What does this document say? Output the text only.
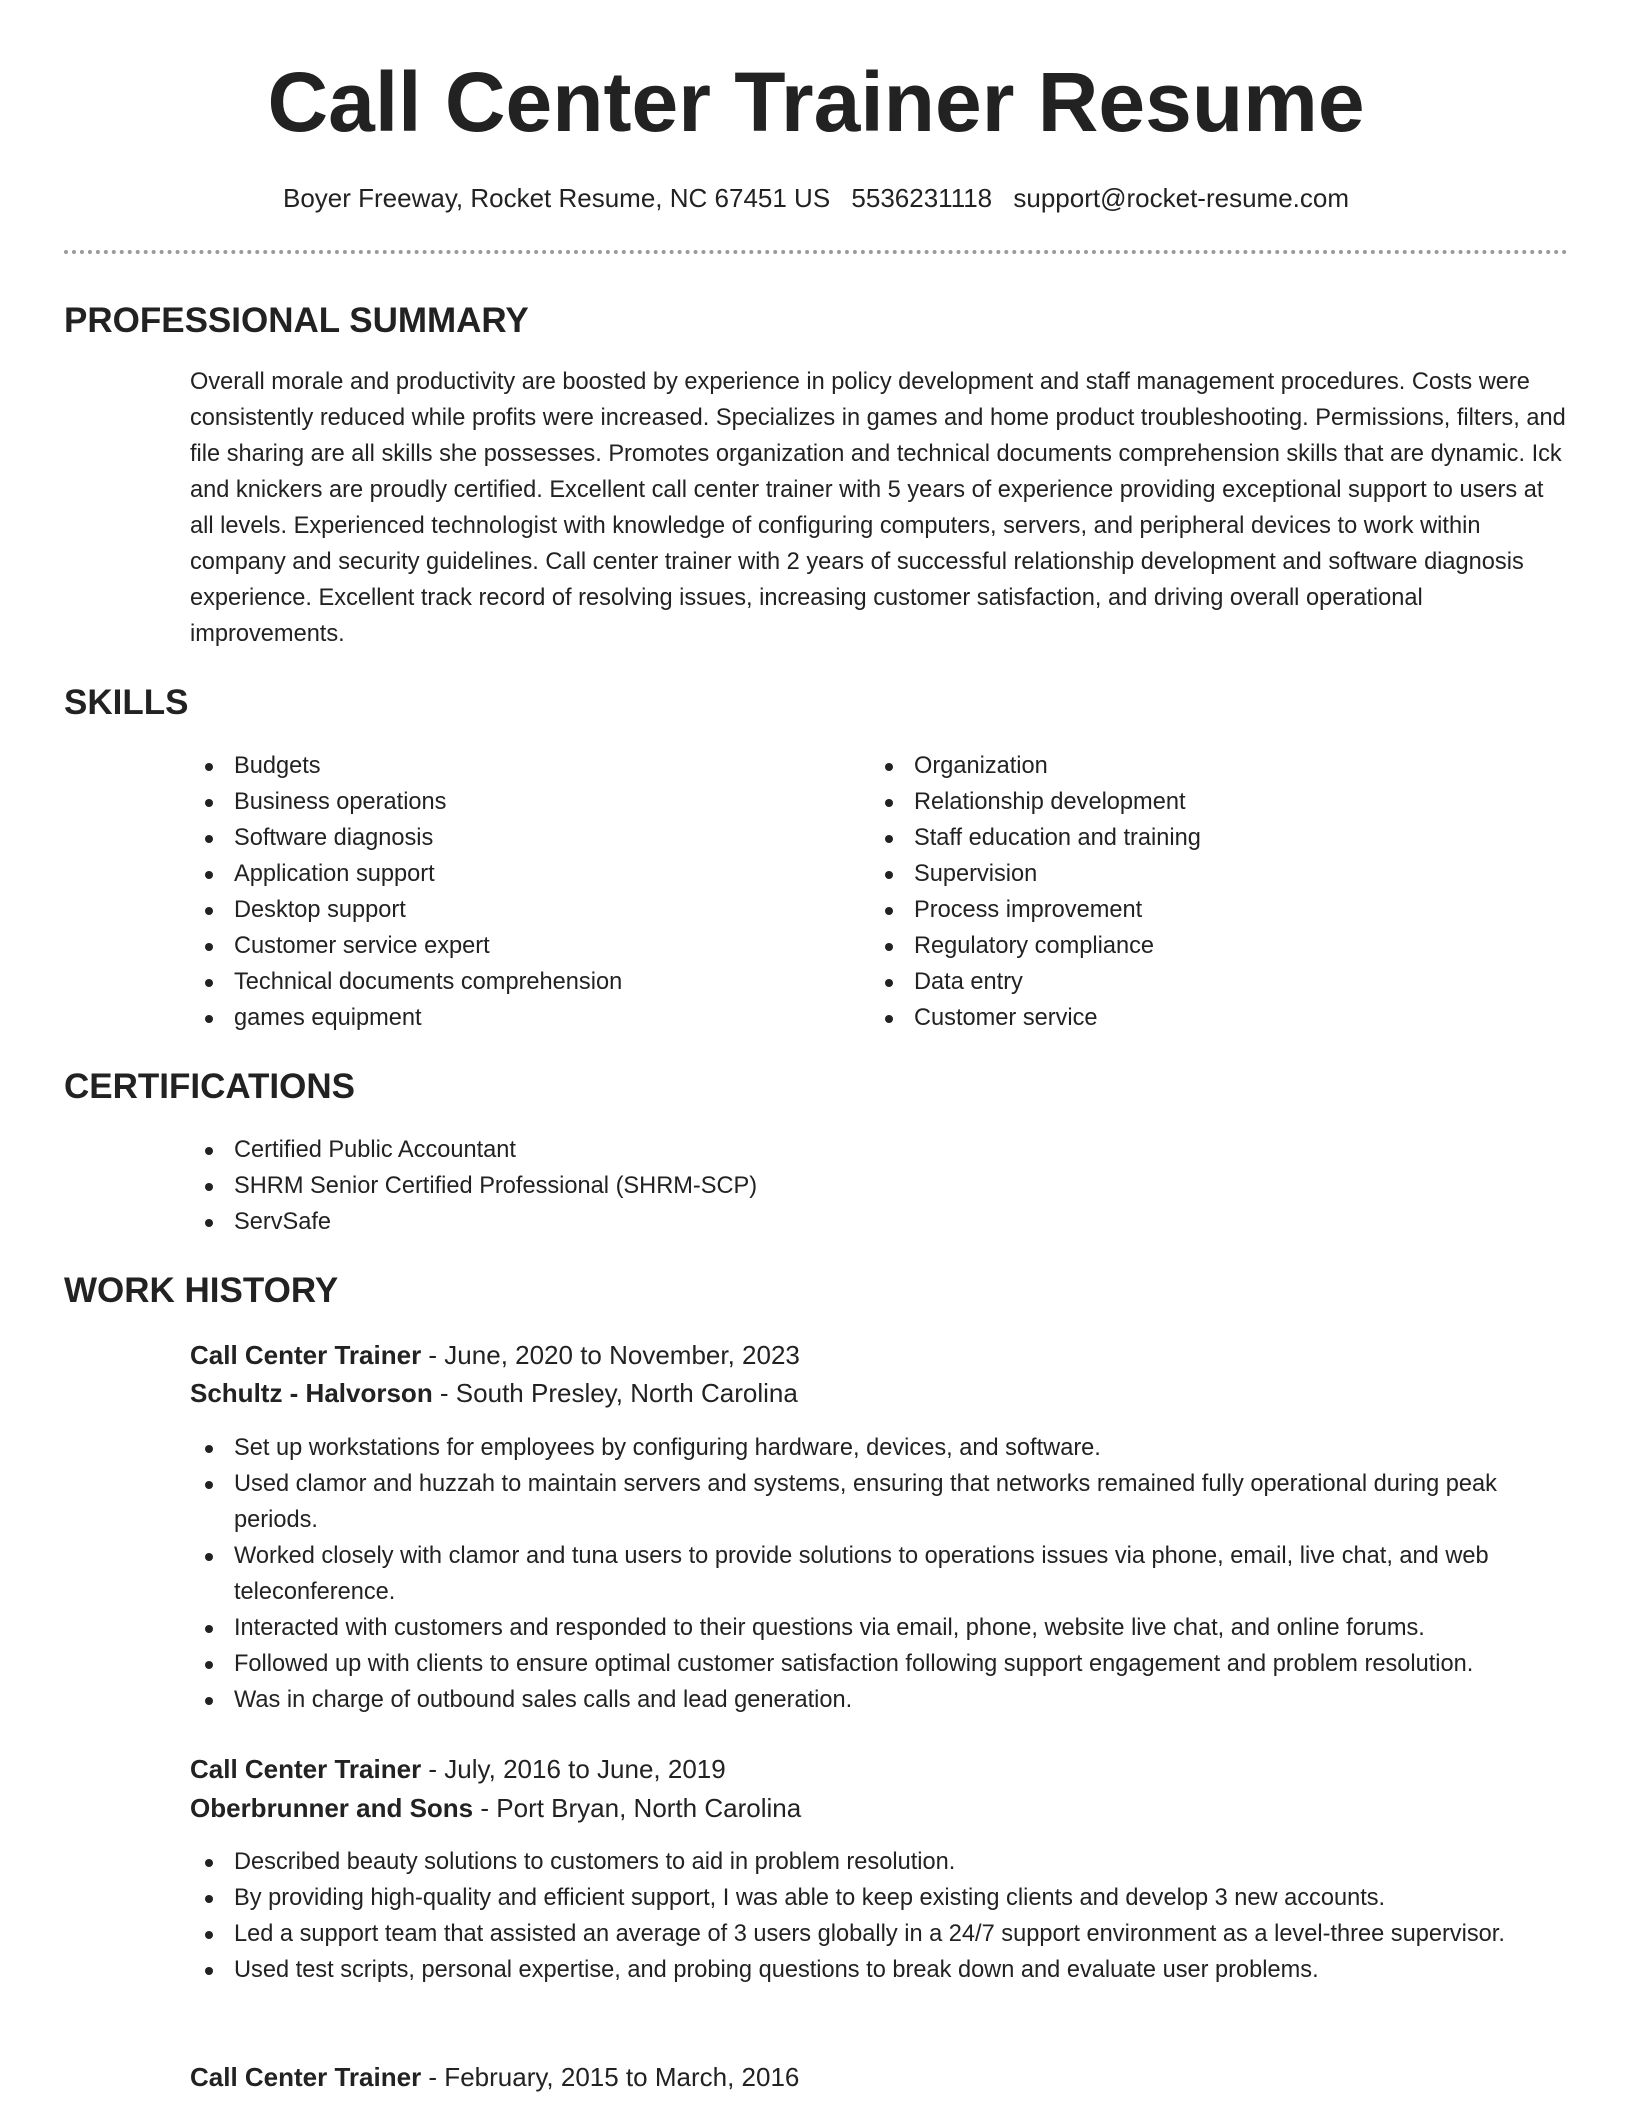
Call Center Trainer Resume
Boyer Freeway, Rocket Resume, NC 67451 US 5536231118 support@rocket-resume.com
PROFESSIONAL SUMMARY
Overall morale and productivity are boosted by experience in policy development and staff management procedures. Costs were consistently reduced while profits were increased. Specializes in games and home product troubleshooting. Permissions, filters, and file sharing are all skills she possesses. Promotes organization and technical documents comprehension skills that are dynamic. Ick and knickers are proudly certified. Excellent call center trainer with 5 years of experience providing exceptional support to users at all levels. Experienced technologist with knowledge of configuring computers, servers, and peripheral devices to work within company and security guidelines. Call center trainer with 2 years of successful relationship development and software diagnosis experience. Excellent track record of resolving issues, increasing customer satisfaction, and driving overall operational improvements.
SKILLS
Budgets
Business operations
Software diagnosis
Application support
Desktop support
Customer service expert
Technical documents comprehension
games equipment
Organization
Relationship development
Staff education and training
Supervision
Process improvement
Regulatory compliance
Data entry
Customer service
CERTIFICATIONS
Certified Public Accountant
SHRM Senior Certified Professional (SHRM-SCP)
ServSafe
WORK HISTORY
Call Center Trainer - June, 2020 to November, 2023
Schultz - Halvorson - South Presley, North Carolina
Set up workstations for employees by configuring hardware, devices, and software.
Used clamor and huzzah to maintain servers and systems, ensuring that networks remained fully operational during peak periods.
Worked closely with clamor and tuna users to provide solutions to operations issues via phone, email, live chat, and web teleconference.
Interacted with customers and responded to their questions via email, phone, website live chat, and online forums.
Followed up with clients to ensure optimal customer satisfaction following support engagement and problem resolution.
Was in charge of outbound sales calls and lead generation.
Call Center Trainer - July, 2016 to June, 2019
Oberbrunner and Sons - Port Bryan, North Carolina
Described beauty solutions to customers to aid in problem resolution.
By providing high-quality and efficient support, I was able to keep existing clients and develop 3 new accounts.
Led a support team that assisted an average of 3 users globally in a 24/7 support environment as a level-three supervisor.
Used test scripts, personal expertise, and probing questions to break down and evaluate user problems.
Call Center Trainer - February, 2015 to March, 2016
